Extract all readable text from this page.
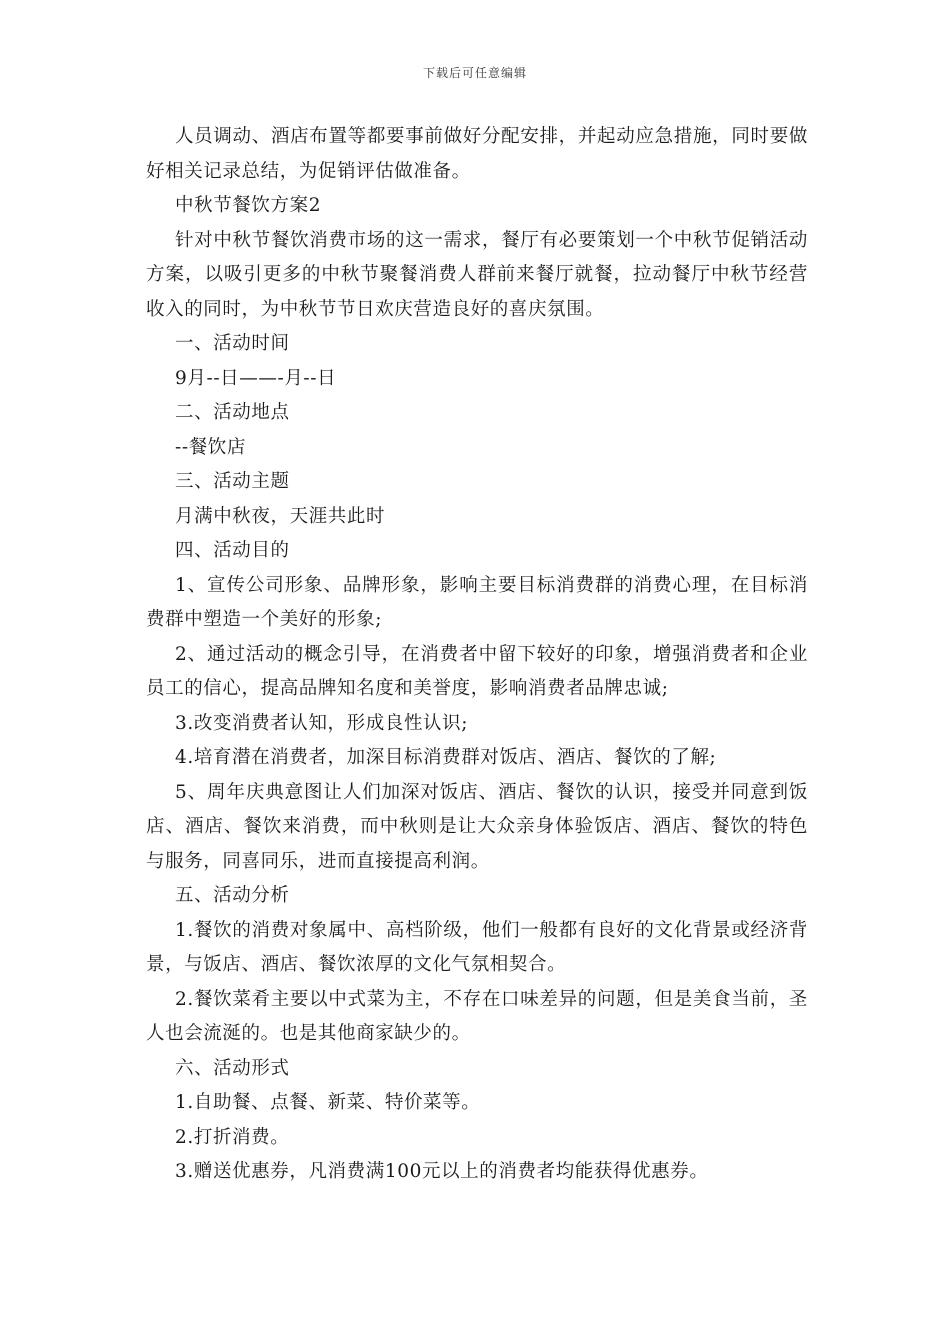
下载后可任意编辑

人员调动、酒店布置等都要事前做好分配安排，并起动应急措施，同时要做好相关记录总结，为促销评估做准备。

中秋节餐饮方案2

针对中秋节餐饮消费市场的这一需求，餐厅有必要策划一个中秋节促销活动方案，以吸引更多的中秋节聚餐消费人群前来餐厅就餐，拉动餐厅中秋节经营收入的同时，为中秋节节日欢庆营造良好的喜庆氛围。

一、活动时间

9月--日——-月--日

二、活动地点

--餐饮店

三、活动主题

月满中秋夜，天涯共此时

四、活动目的

1、宣传公司形象、品牌形象，影响主要目标消费群的消费心理，在目标消费群中塑造一个美好的形象;

2、通过活动的概念引导，在消费者中留下较好的印象，增强消费者和企业员工的信心，提高品牌知名度和美誉度，影响消费者品牌忠诚;

3.改变消费者认知，形成良性认识;

4.培育潜在消费者，加深目标消费群对饭店、酒店、餐饮的了解;

5、周年庆典意图让人们加深对饭店、酒店、餐饮的认识，接受并同意到饭店、酒店、餐饮来消费，而中秋则是让大众亲身体验饭店、酒店、餐饮的特色与服务，同喜同乐，进而直接提高利润。

五、活动分析

1.餐饮的消费对象属中、高档阶级，他们一般都有良好的文化背景或经济背景，与饭店、酒店、餐饮浓厚的文化气氛相契合。

2.餐饮菜肴主要以中式菜为主，不存在口味差异的问题，但是美食当前，圣人也会流涎的。也是其他商家缺少的。

六、活动形式

1.自助餐、点餐、新菜、特价菜等。

2.打折消费。

3.赠送优惠券，凡消费满100元以上的消费者均能获得优惠券。
